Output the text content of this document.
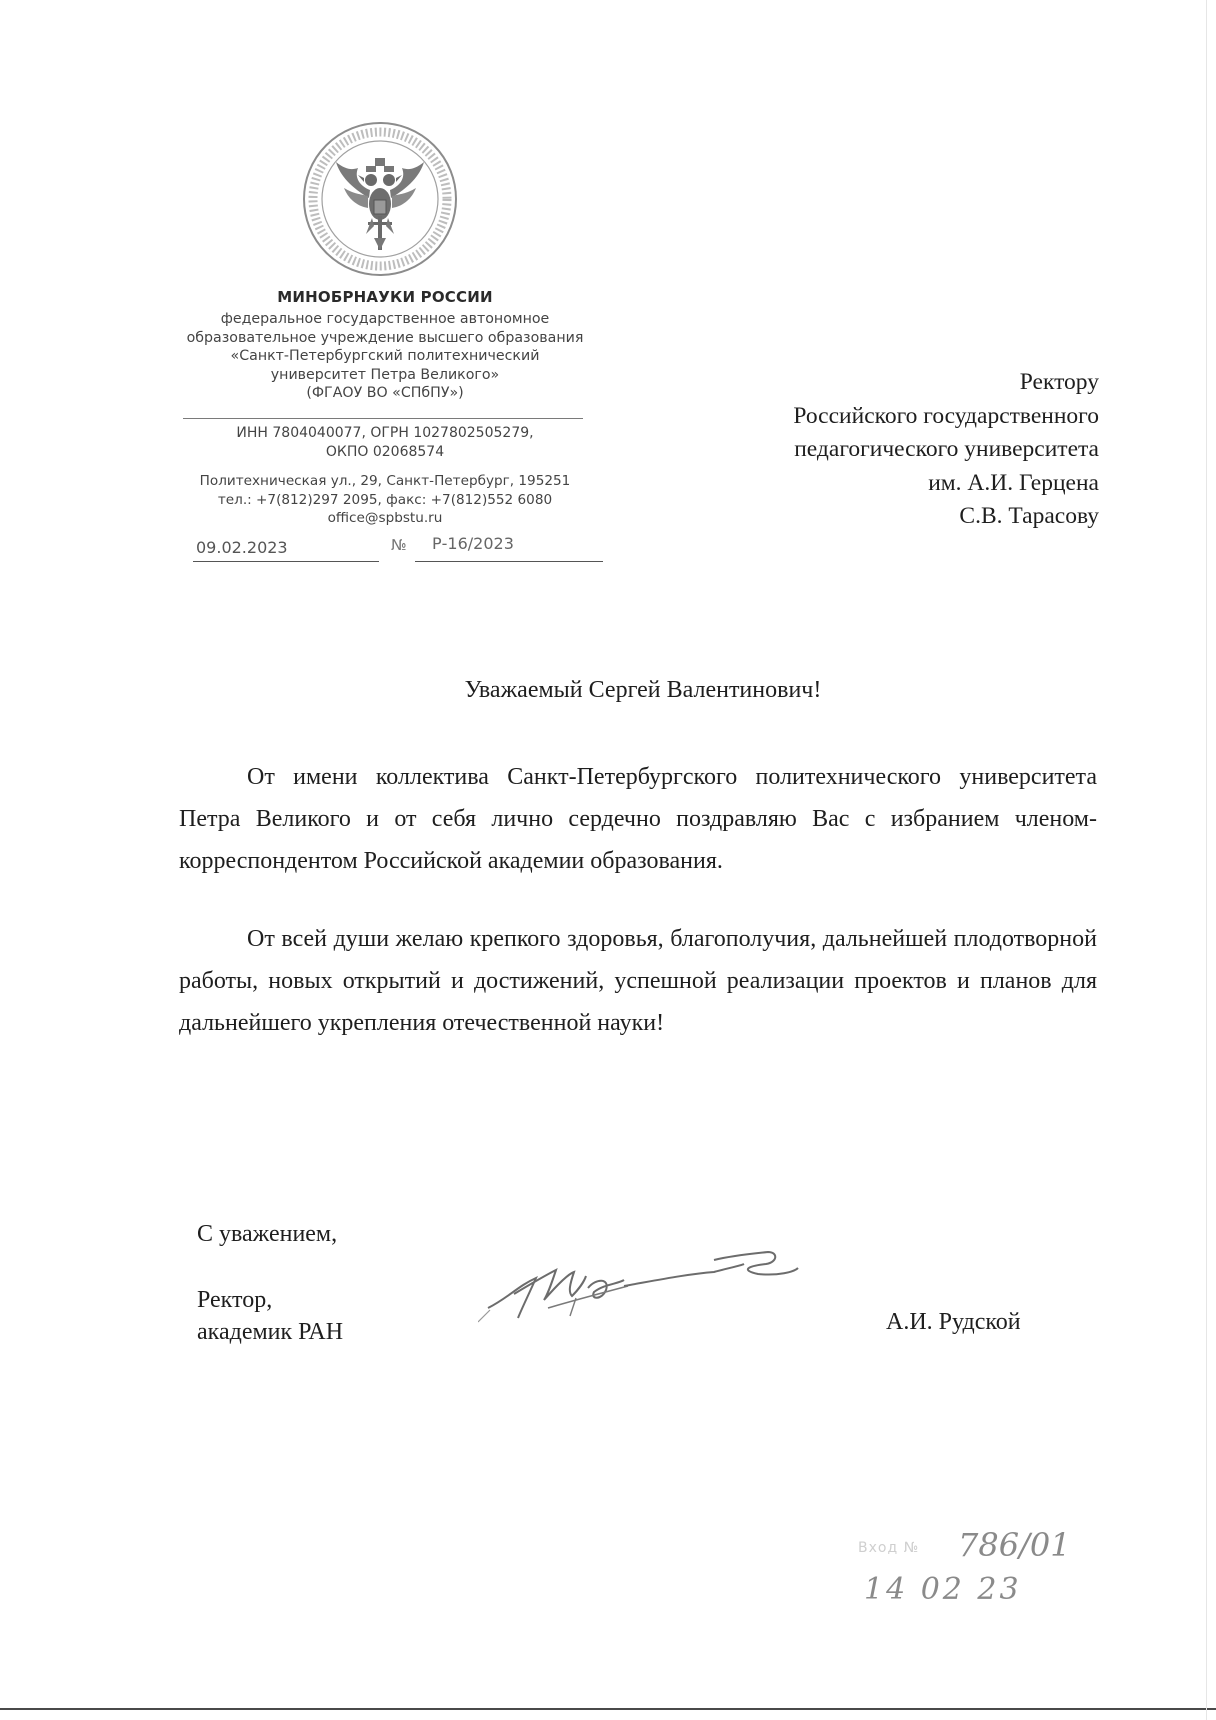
МИНОБРНАУКИ РОССИИ
федеральное государственное автономное
образовательное учреждение высшего образования
«Санкт-Петербургский политехнический
университет Петра Великого»
(ФГАОУ ВО «СПбПУ»)
ИНН 7804040077, ОГРН 1027802505279,
ОКПО 02068574
Политехническая ул., 29, Санкт-Петербург, 195251
тел.: +7(812)297 2095, факс: +7(812)552 6080
office@spbstu.ru
09.02.2023	№ Р-16/2023
Ректору
Российского государственного
педагогического университета
им. А.И. Герцена
С.В. Тарасову
Уважаемый Сергей Валентинович!
От имени коллектива Санкт-Петербургского политехнического университета Петра Великого и от себя лично сердечно поздравляю Вас с избранием членом-корреспондентом Российской академии образования.
От всей души желаю крепкого здоровья, благополучия, дальнейшей плодотворной работы, новых открытий и достижений, успешной реализации проектов и планов для дальнейшего укрепления отечественной науки!
С уважением,
Ректор,
академик РАН	А.И. Рудской
Вход № 786/01
14 02 23
